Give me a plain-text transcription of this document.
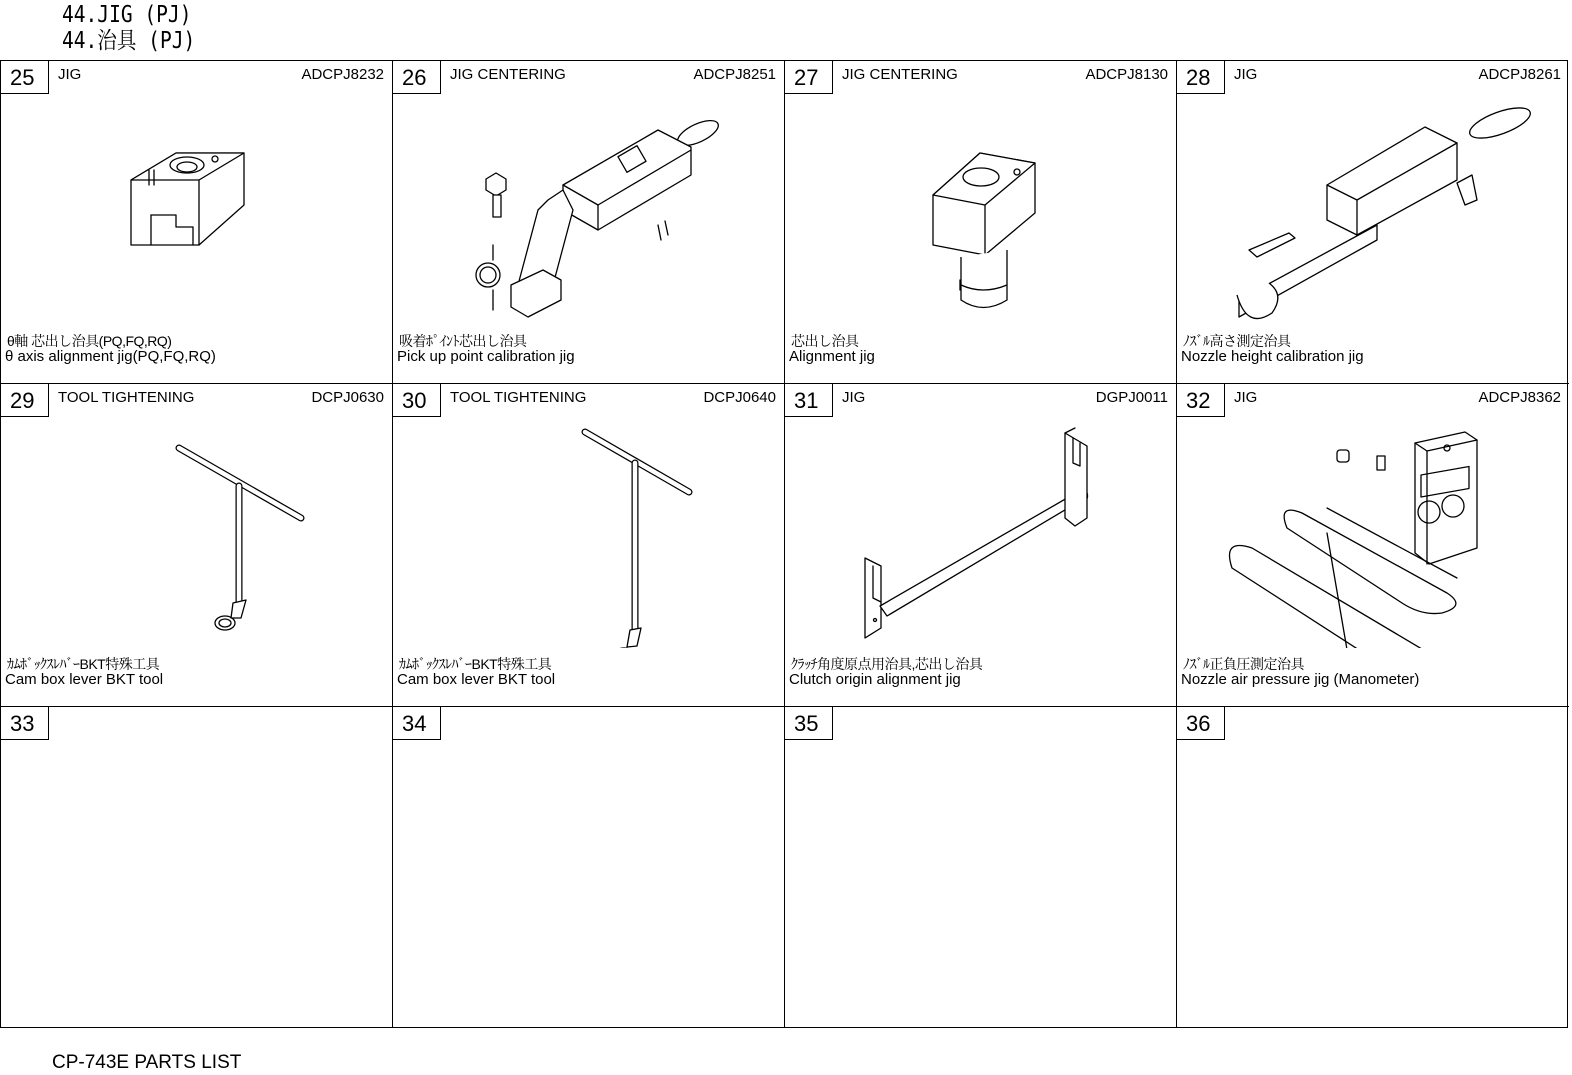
44.JIG (PJ)
44.治具 (PJ)
25	JIG	ADCPJ8232
θ軸 芯出し治具(PQ,FQ,RQ)
θ axis alignment jig(PQ,FQ,RQ)
26	JIG CENTERING	ADCPJ8251
吸着ﾎﾟｲﾝﾄ芯出し治具
Pick up point calibration jig
27	JIG CENTERING	ADCPJ8130
芯出し治具
Alignment jig
28	JIG	ADCPJ8261
ﾉｽﾞﾙ高さ測定治具
Nozzle height calibration jig
29	TOOL TIGHTENING	DCPJ0630
ｶﾑﾎﾞｯｸｽﾚﾊﾞｰBKT特殊工具
Cam box lever BKT tool
30	TOOL TIGHTENING	DCPJ0640
ｶﾑﾎﾞｯｸｽﾚﾊﾞｰBKT特殊工具
Cam box lever BKT tool
31	JIG	DGPJ0011
ｸﾗｯﾁ角度原点用治具,芯出し治具
Clutch origin alignment jig
32	JIG	ADCPJ8362
ﾉｽﾞﾙ正負圧測定治具
Nozzle air pressure jig (Manometer)
33	34	35	36
CP-743E PARTS LIST
